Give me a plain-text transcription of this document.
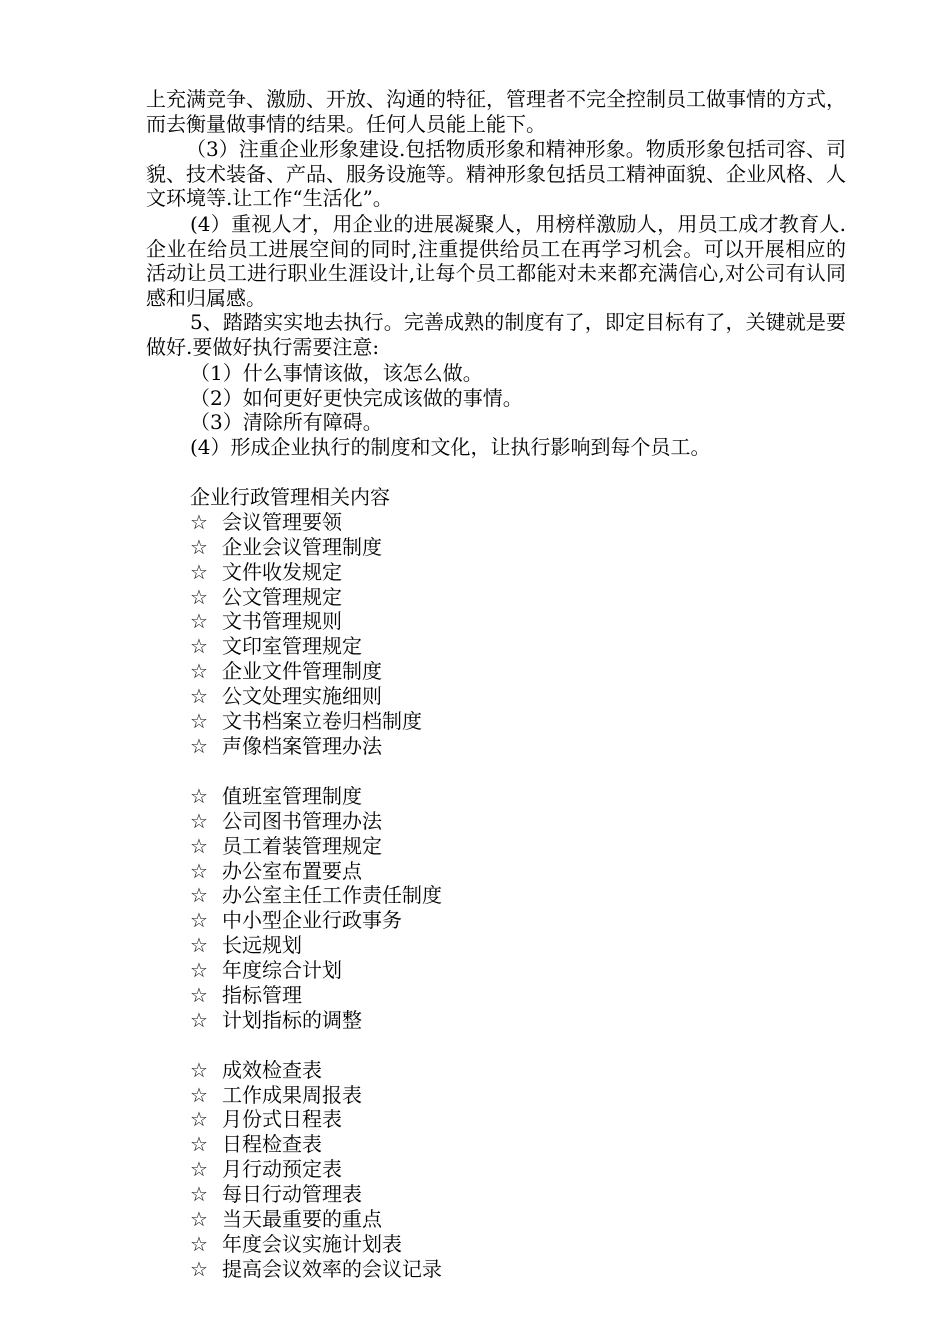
上充满竞争、激励、开放、沟通的特征，管理者不完全控制员工做事情的方式，而去衡量做事情的结果。任何人员能上能下。
（3）注重企业形象建设.包括物质形象和精神形象。物质形象包括司容、司貌、技术装备、产品、服务设施等。精神形象包括员工精神面貌、企业风格、人文环境等.让工作“生活化”。
(4）重视人才，用企业的进展凝聚人，用榜样激励人，用员工成才教育人.企业在给员工进展空间的同时,注重提供给员工在再学习机会。可以开展相应的活动让员工进行职业生涯设计,让每个员工都能对未来都充满信心,对公司有认同感和归属感。
5、踏踏实实地去执行。完善成熟的制度有了，即定目标有了，关键就是要做好.要做好执行需要注意:
（1）什么事情该做，该怎么做。
（2）如何更好更快完成该做的事情。
（3）清除所有障碍。
(4）形成企业执行的制度和文化，让执行影响到每个员工。
企业行政管理相关内容
☆ 会议管理要领
☆ 企业会议管理制度
☆ 文件收发规定
☆ 公文管理规定
☆ 文书管理规则
☆ 文印室管理规定
☆ 企业文件管理制度
☆ 公文处理实施细则
☆ 文书档案立卷归档制度
☆ 声像档案管理办法
☆ 值班室管理制度
☆ 公司图书管理办法
☆ 员工着装管理规定
☆ 办公室布置要点
☆ 办公室主任工作责任制度
☆ 中小型企业行政事务
☆ 长远规划
☆ 年度综合计划
☆ 指标管理
☆ 计划指标的调整
☆ 成效检查表
☆ 工作成果周报表
☆ 月份式日程表
☆ 日程检查表
☆ 月行动预定表
☆ 每日行动管理表
☆ 当天最重要的重点
☆ 年度会议实施计划表
☆ 提高会议效率的会议记录
